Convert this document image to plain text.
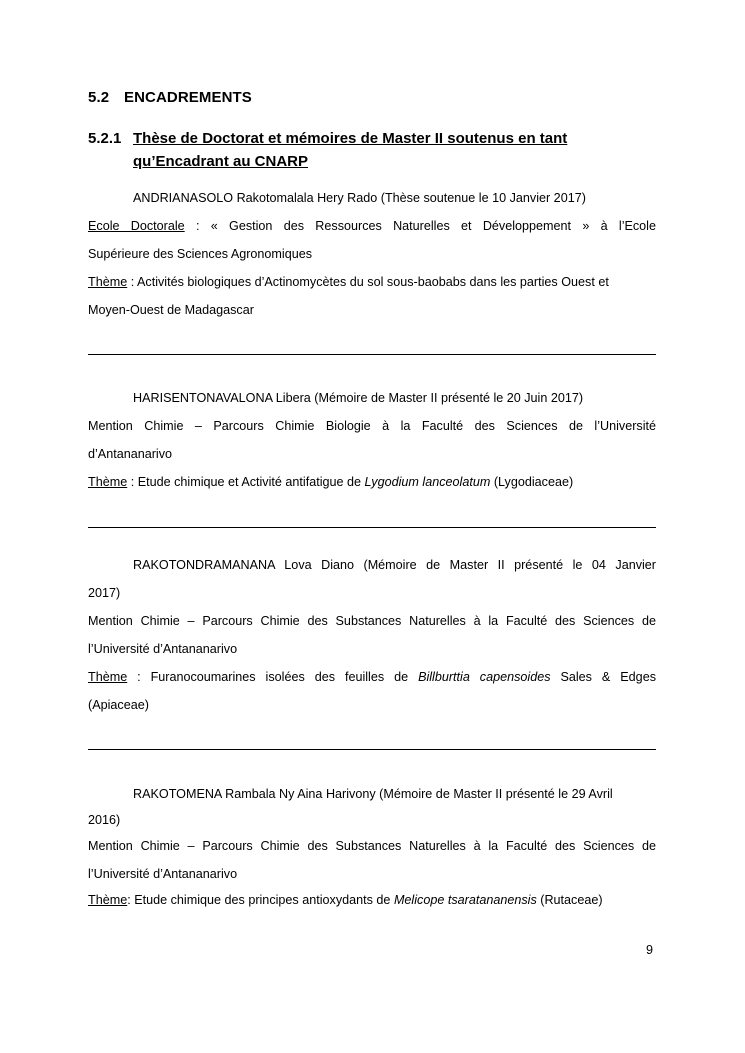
5.2 ENCADREMENTS
5.2.1 Thèse de Doctorat et mémoires de Master II soutenus en tant
qu’Encadrant au CNARP
ANDRIANASOLO Rakotomalala Hery Rado (Thèse soutenue le 10 Janvier 2017)
Ecole Doctorale : « Gestion des Ressources Naturelles et Développement » à l’Ecole
Supérieure des Sciences Agronomiques
Thème : Activités biologiques d’Actinomycètes du sol sous-baobabs dans les parties Ouest et
Moyen-Ouest de Madagascar
HARISENTONAVALONA Libera (Mémoire de Master II présenté le 20 Juin 2017)
Mention Chimie – Parcours Chimie Biologie à la Faculté des Sciences de l’Université
d’Antananarivo
Thème : Etude chimique et Activité antifatigue de Lygodium lanceolatum (Lygodiaceae)
RAKOTONDRAMANANA Lova Diano (Mémoire de Master II présenté le 04 Janvier
2017)
Mention Chimie – Parcours Chimie des Substances Naturelles à la Faculté des Sciences de
l’Université d’Antananarivo
Thème : Furanocoumarines isolées des feuilles de Billburttia capensoides Sales & Edges
(Apiaceae)
RAKOTOMENA Rambala Ny Aina Harivony (Mémoire de Master II présenté le 29 Avril
2016)
Mention Chimie – Parcours Chimie des Substances Naturelles à la Faculté des Sciences de
l’Université d’Antananarivo
Thème: Etude chimique des principes antioxydants de Melicope tsaratananensis (Rutaceae)
9
